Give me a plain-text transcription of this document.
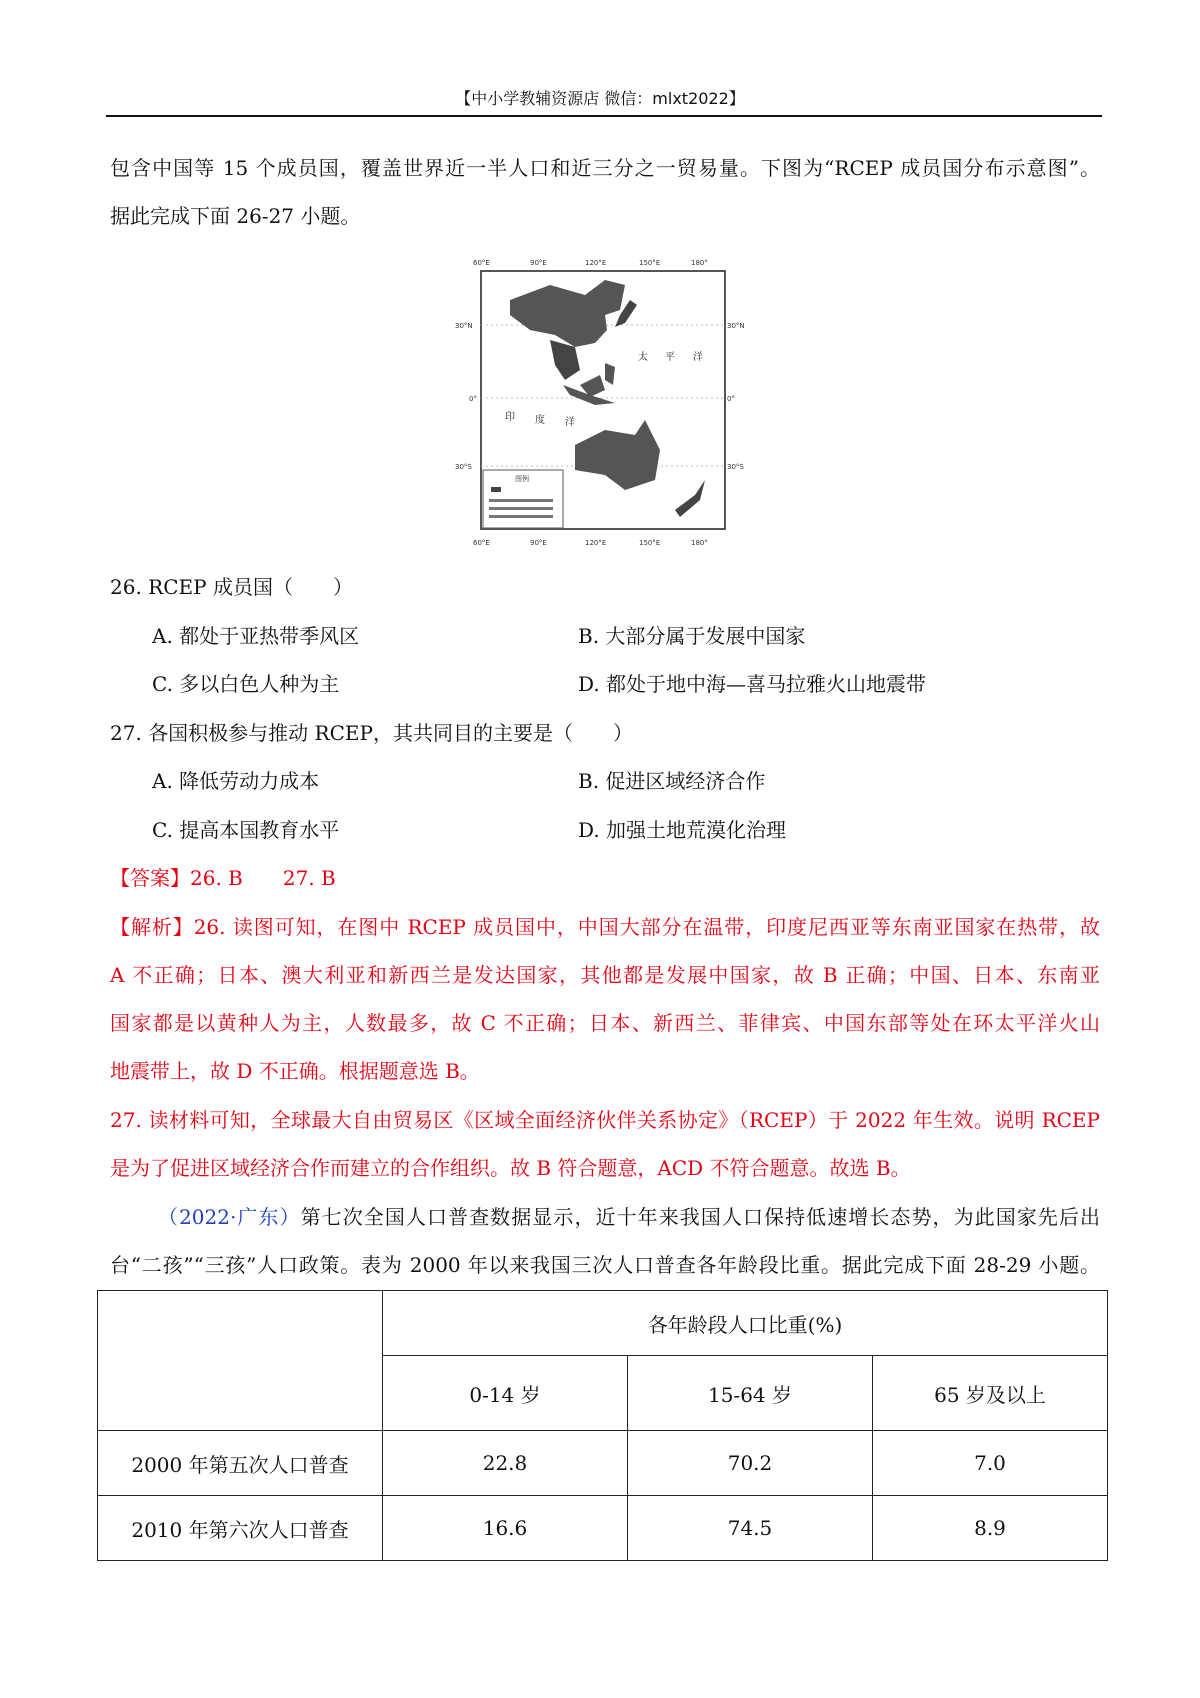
【中小学教辅资源店 微信：mlxt2022】
包含中国等 15 个成员国，覆盖世界近一半人口和近三分之一贸易量。下图为“RCEP 成员国分布示意图”。
据此完成下面 26-27 小题。
60°E	90°E	120°E	150°E	180°
60°E	90°E	120°E	150°E	180°
30°N
0°
30°S
30°N
0°
30°S
太 平 洋
印 度 洋
图例
26. RCEP 成员国（　　）
A. 都处于亚热带季风区	B. 大部分属于发展中国家
C. 多以白色人种为主	D. 都处于地中海—喜马拉雅火山地震带
27. 各国积极参与推动 RCEP，其共同目的主要是（　　）
A. 降低劳动力成本	B. 促进区域经济合作
C. 提高本国教育水平	D. 加强土地荒漠化治理
【答案】26. B　　27. B
【解析】26. 读图可知，在图中 RCEP 成员国中，中国大部分在温带，印度尼西亚等东南亚国家在热带，故
A 不正确；日本、澳大利亚和新西兰是发达国家，其他都是发展中国家，故 B 正确；中国、日本、东南亚
国家都是以黄种人为主，人数最多，故 C 不正确；日本、新西兰、菲律宾、中国东部等处在环太平洋火山
地震带上，故 D 不正确。根据题意选 B。
27. 读材料可知，全球最大自由贸易区《区域全面经济伙伴关系协定》（RCEP）于 2022 年生效。说明 RCEP
是为了促进区域经济合作而建立的合作组织。故 B 符合题意，ACD 不符合题意。故选 B。
（2022·广东）第七次全国人口普查数据显示，近十年来我国人口保持低速增长态势，为此国家先后出
台“二孩”“三孩”人口政策。表为 2000 年以来我国三次人口普查各年龄段比重。据此完成下面 28-29 小题。
	各年龄段人口比重(%)		
	0-14 岁	15-64 岁	65 岁及以上
2000 年第五次人口普查	22.8	70.2	7.0
2010 年第六次人口普查	16.6	74.5	8.9
